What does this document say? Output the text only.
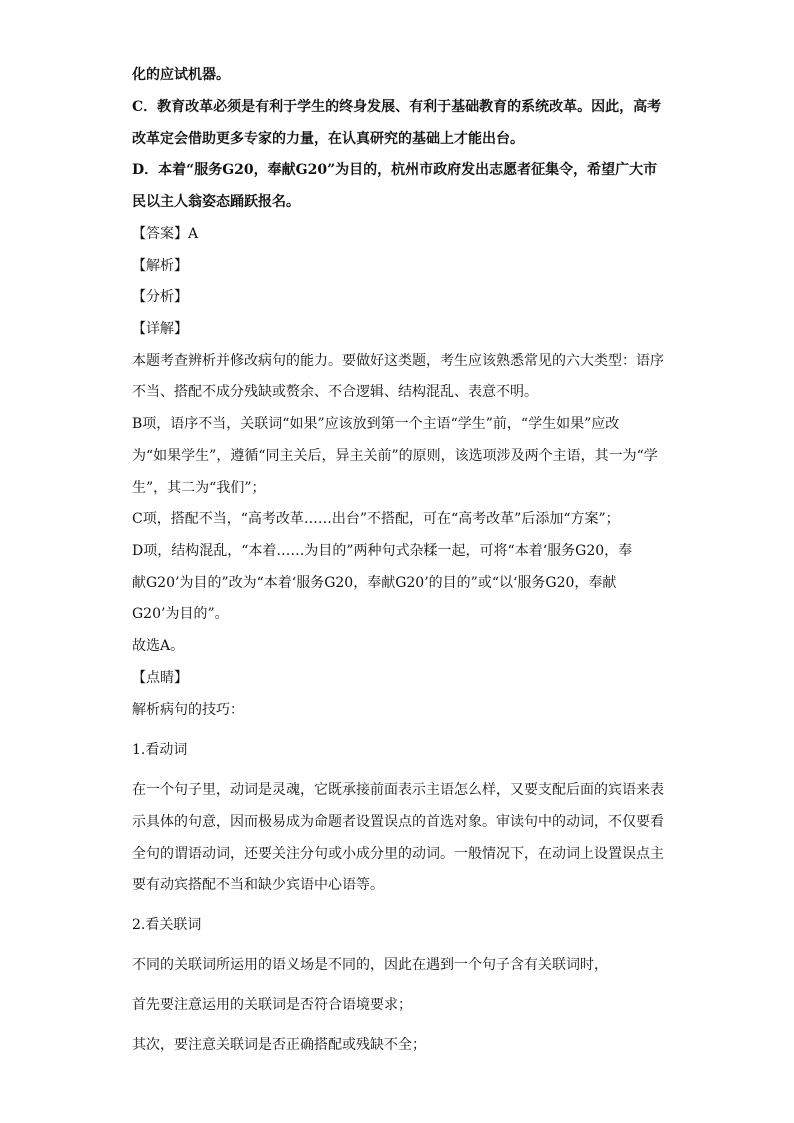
化的应试机器。
C．教育改革必须是有利于学生的终身发展、有利于基础教育的系统改革。因此，高考
改革定会借助更多专家的力量，在认真研究的基础上才能出台。
D．本着“服务G20，奉献G20”为目的，杭州市政府发出志愿者征集令，希望广大市
民以主人翁姿态踊跃报名。
【答案】A
【解析】
【分析】
【详解】
本题考查辨析并修改病句的能力。要做好这类题，考生应该熟悉常见的六大类型：语序
不当、搭配不成分残缺或赘余、不合逻辑、结构混乱、表意不明。
B项，语序不当，关联词“如果”应该放到第一个主语“学生”前，“学生如果”应改
为“如果学生”，遵循“同主关后，异主关前”的原则，该选项涉及两个主语，其一为“学
生”，其二为“我们”；
C项，搭配不当，“高考改革……出台”不搭配，可在“高考改革”后添加“方案”；
D项，结构混乱，“本着……为目的”两种句式杂糅一起，可将“本着‘服务G20，奉
献G20’为目的”改为“本着‘服务G20，奉献G20’的目的”或“以‘服务G20，奉献
G20’为目的”。
故选A。
【点睛】
解析病句的技巧：
1.看动词
在一个句子里，动词是灵魂，它既承接前面表示主语怎么样，又要支配后面的宾语来表
示具体的句意，因而极易成为命题者设置误点的首选对象。审读句中的动词，不仅要看
全句的谓语动词，还要关注分句或小成分里的动词。一般情况下，在动词上设置误点主
要有动宾搭配不当和缺少宾语中心语等。
2.看关联词
不同的关联词所运用的语义场是不同的，因此在遇到一个句子含有关联词时，
首先要注意运用的关联词是否符合语境要求；
其次，要注意关联词是否正确搭配或残缺不全；
